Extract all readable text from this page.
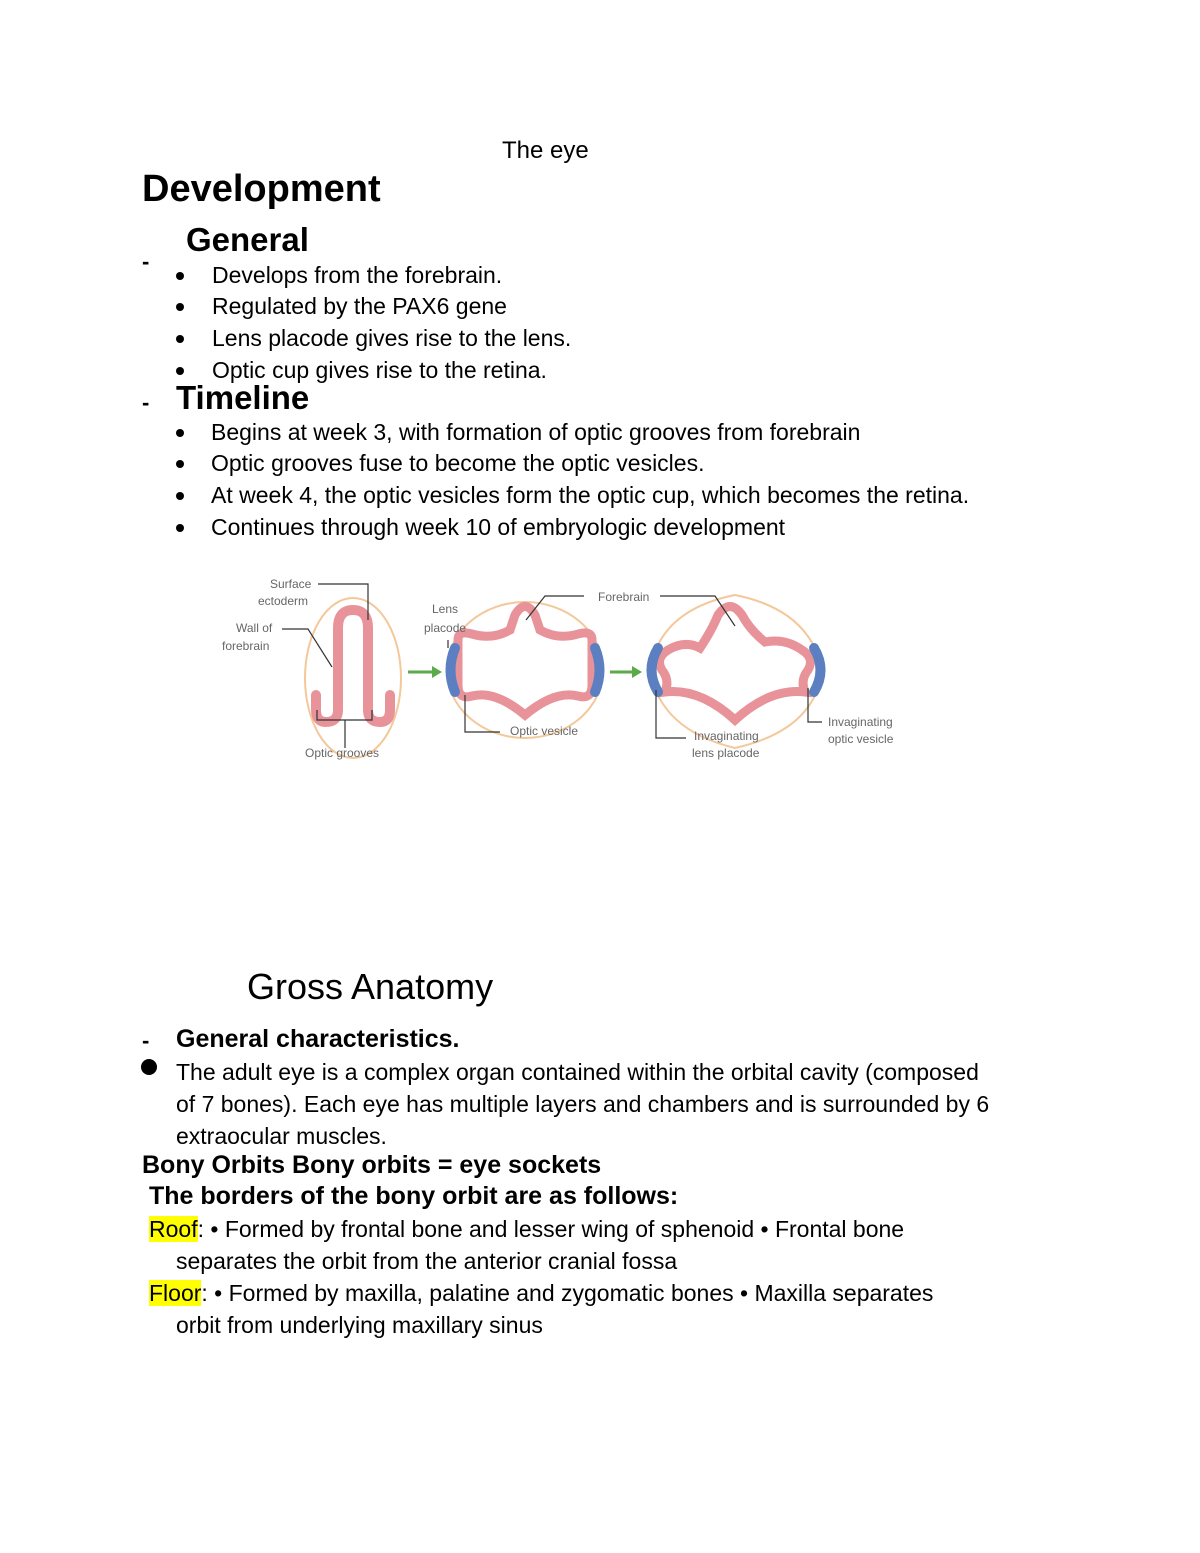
The eye
Development
-
General
Develops from the forebrain.
Regulated by the PAX6 gene
Lens placode gives rise to the lens.
Optic cup gives rise to the retina.
- Timeline
Begins at week 3, with formation of optic grooves from forebrain
Optic grooves fuse to become the optic vesicles.
At week 4, the optic vesicles form the optic cup, which becomes the retina.
Continues through week 10 of embryologic development
Surface
ectoderm
Wall of
forebrain
Optic grooves
Lens
placode
Optic vesicle
Forebrain
Invaginating
lens placode
Invaginating
optic vesicle
Gross Anatomy
- General characteristics.
The adult eye is a complex organ contained within the orbital cavity (composed
of 7 bones). Each eye has multiple layers and chambers and is surrounded by 6
extraocular muscles.
Bony Orbits Bony orbits = eye sockets
The borders of the bony orbit are as follows:
Roof: • Formed by frontal bone and lesser wing of sphenoid • Frontal bone
separates the orbit from the anterior cranial fossa
Floor: • Formed by maxilla, palatine and zygomatic bones • Maxilla separates
orbit from underlying maxillary sinus
